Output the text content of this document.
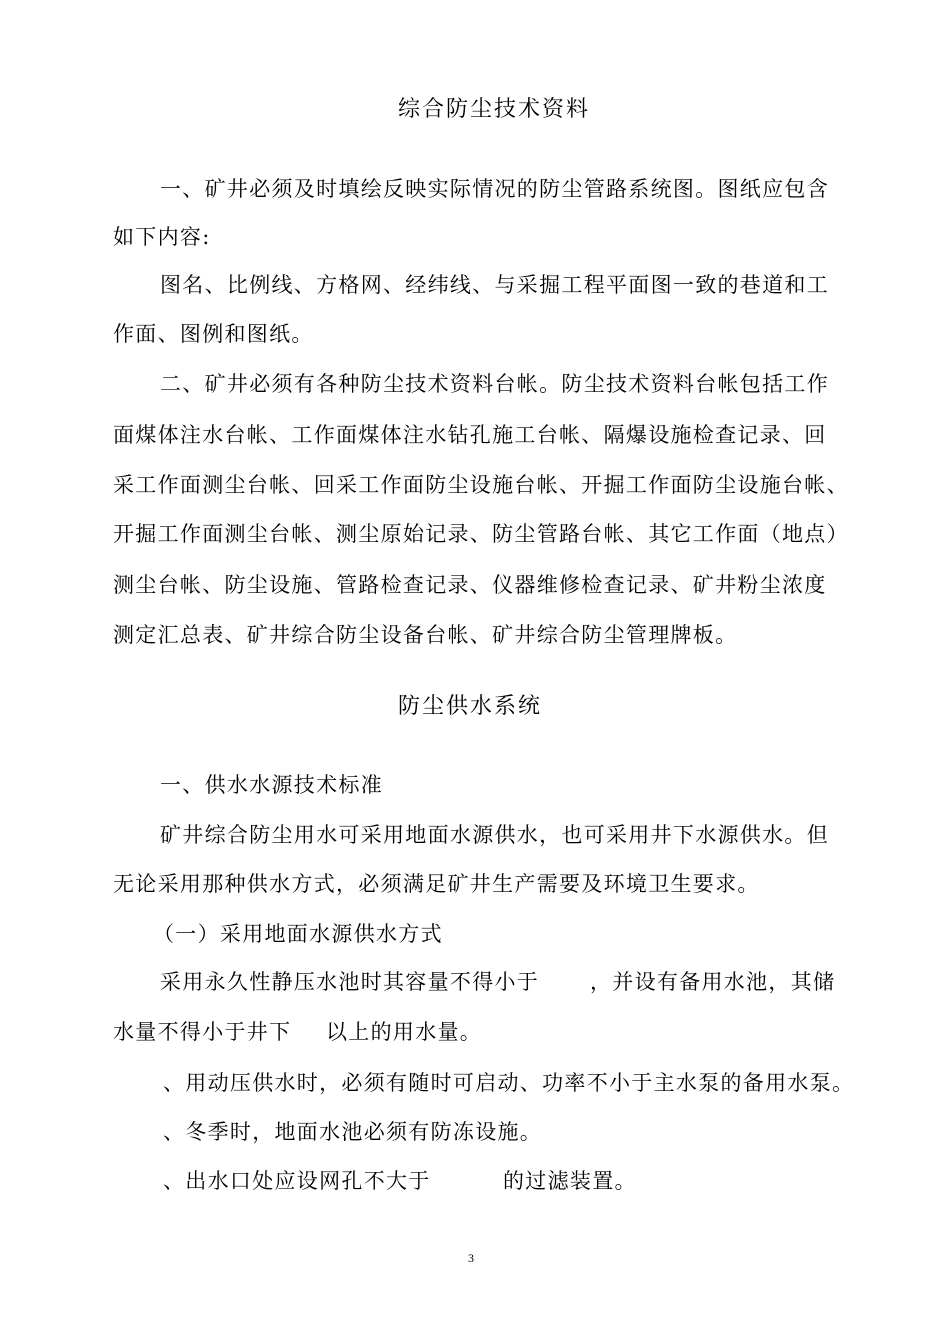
综合防尘技术资料
一、矿井必须及时填绘反映实际情况的防尘管路系统图。图纸应包含
如下内容:
图名、比例线、方格网、经纬线、与采掘工程平面图一致的巷道和工
作面、图例和图纸。
二、矿井必须有各种防尘技术资料台帐。防尘技术资料台帐包括工作
面煤体注水台帐、工作面煤体注水钻孔施工台帐、隔爆设施检查记录、回
采工作面测尘台帐、回采工作面防尘设施台帐、开掘工作面防尘设施台帐、
开掘工作面测尘台帐、测尘原始记录、防尘管路台帐、其它工作面（地点）
测尘台帐、防尘设施、管路检查记录、仪器维修检查记录、矿井粉尘浓度
测定汇总表、矿井综合防尘设备台帐、矿井综合防尘管理牌板。
防尘供水系统
一、供水水源技术标准
矿井综合防尘用水可采用地面水源供水，也可采用井下水源供水。但
无论采用那种供水方式，必须满足矿井生产需要及环境卫生要求。
（一）采用地面水源供水方式
采用永久性静压水池时其容量不得小于 ，并设有备用水池，其储
水量不得小于井下 以上的用水量。
、用动压供水时，必须有随时可启动、功率不小于主水泵的备用水泵。
、冬季时，地面水池必须有防冻设施。
、出水口处应设网孔不大于	的过滤装置。
3
